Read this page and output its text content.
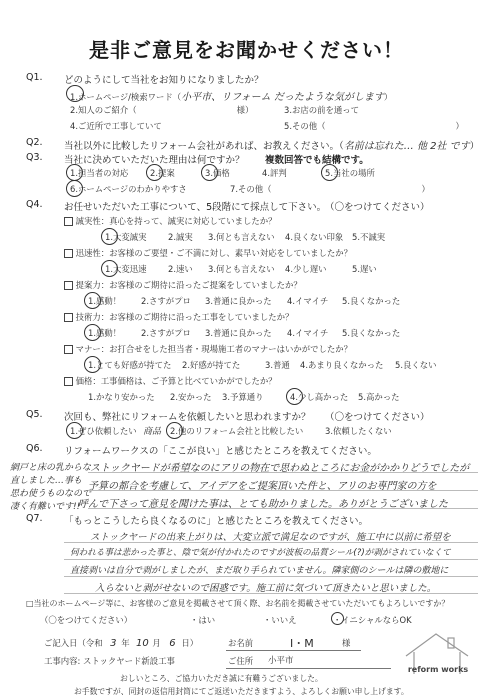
是非ご意見をお聞かせください！
Q1. どのようにして当社をお知りになりましたか？
1.ホームページ/検索ワード（小平市、リフォーム だったような気がします）
2.知人のご紹介（	様）	3.お店の前を通って
4.ご近所で工事していて	5.その他（	）
Q2. 当社以外に比較したリフォーム会社があれば、お教えください。（名前は忘れた… 他 2社 です）
Q3. 当社に決めていただいた理由は何ですか？ 複数回答でも結構です。
1.担当者の対応	2.提案	3.価格	4.評判	5.当社の場所
6.ホームページのわかりやすさ	7.その他（	）
Q4. お任せいただいた工事について、5段階にて採点して下さい。
（〇をつけてください）
誠実性：真心を持って、誠実に対応していましたか？
1.大変誠実	2.誠実 3.何とも言えない 4.良くない印象 5.不誠実
迅速性：お客様のご要望・ご不満に対し、素早い対応をしていましたか？
1.大変迅速	2.速い 3.何とも言えない 4.少し遅い	5.遅い
提案力：お客様のご期待に沿ったご提案をしていましたか？
1.感動！ 2.さすがプロ 3.普通に良かった 4.イマイチ 5.良くなかった
技術力：お客様のご期待に沿った工事をしていましたか？
1.感動！ 2.さすがプロ 3.普通に良かった 4.イマイチ 5.良くなかった
マナー：お打合せをした担当者・現場施工者のマナーはいかがでしたか？
1.とても好感が持てた 2.好感が持てた	3.普通 4.あまり良くなかった 5.良くない
価格：工事価格は、ご予算と比べていかがでしたか？
1.かなり安かった 2.安かった 3.予算通り	4.少し高かった 5.高かった
Q5. 次回も、弊社にリフォームを依頼したいと思われますか？ （〇をつけてください）
1.ぜひ依頼したい 商品 2.他のリフォーム会社と比較したい	3.依頼したくない
Q6. リフォームワークスの「ここが良い」と感じたところを教えてください。
網戸と床の乳からな
直しました…事も
思わ使うものなので
凄く有難いです!!
ストックヤードが希望なのにアリの物在で思わぬところにお金がかかりどうでしたが
予算の都合を考慮して、アイデアをご提案頂いた件と、アリのお専門家の方を
呼んで下さって意見を聞けた事は、とても助かりました。ありがとうございました
Q7. 「もっとこうしたら良くなるのに」と感じたところを教えてください。
ストックヤードの出来上がりは、大変立派で満足なのですが、施工中に以前に希望を
伺われる事は悲かった事と、陰で気が付かれたのですが波板の品質シール(?)が剥がされていなくて
直接剥いは自分で剥がしましたが、まだ取り手られていません。隣家側のシールは隣の敷地に
入らないと剥がせないので困惑です。施工前に気づいて頂きたいと思いました。
□当社のホームページ等に、お客様のご意見を掲載させて頂く際、お名前を掲載させていただいてもよろしいですか？
（〇をつけてください）	・はい	・いいえ	・イニシャルならOK
ご記入日（令和 3 年 10 月 6 日）	お名前	I・M	様
工事内容: ストックヤード新設工事	ご住所 小平市
reform works
おしいところ、ご協力いただき誠に有難うございました。
お手数ですが、同封の返信用封筒にてご返送いただきますよう、よろしくお願い申し上げます。
